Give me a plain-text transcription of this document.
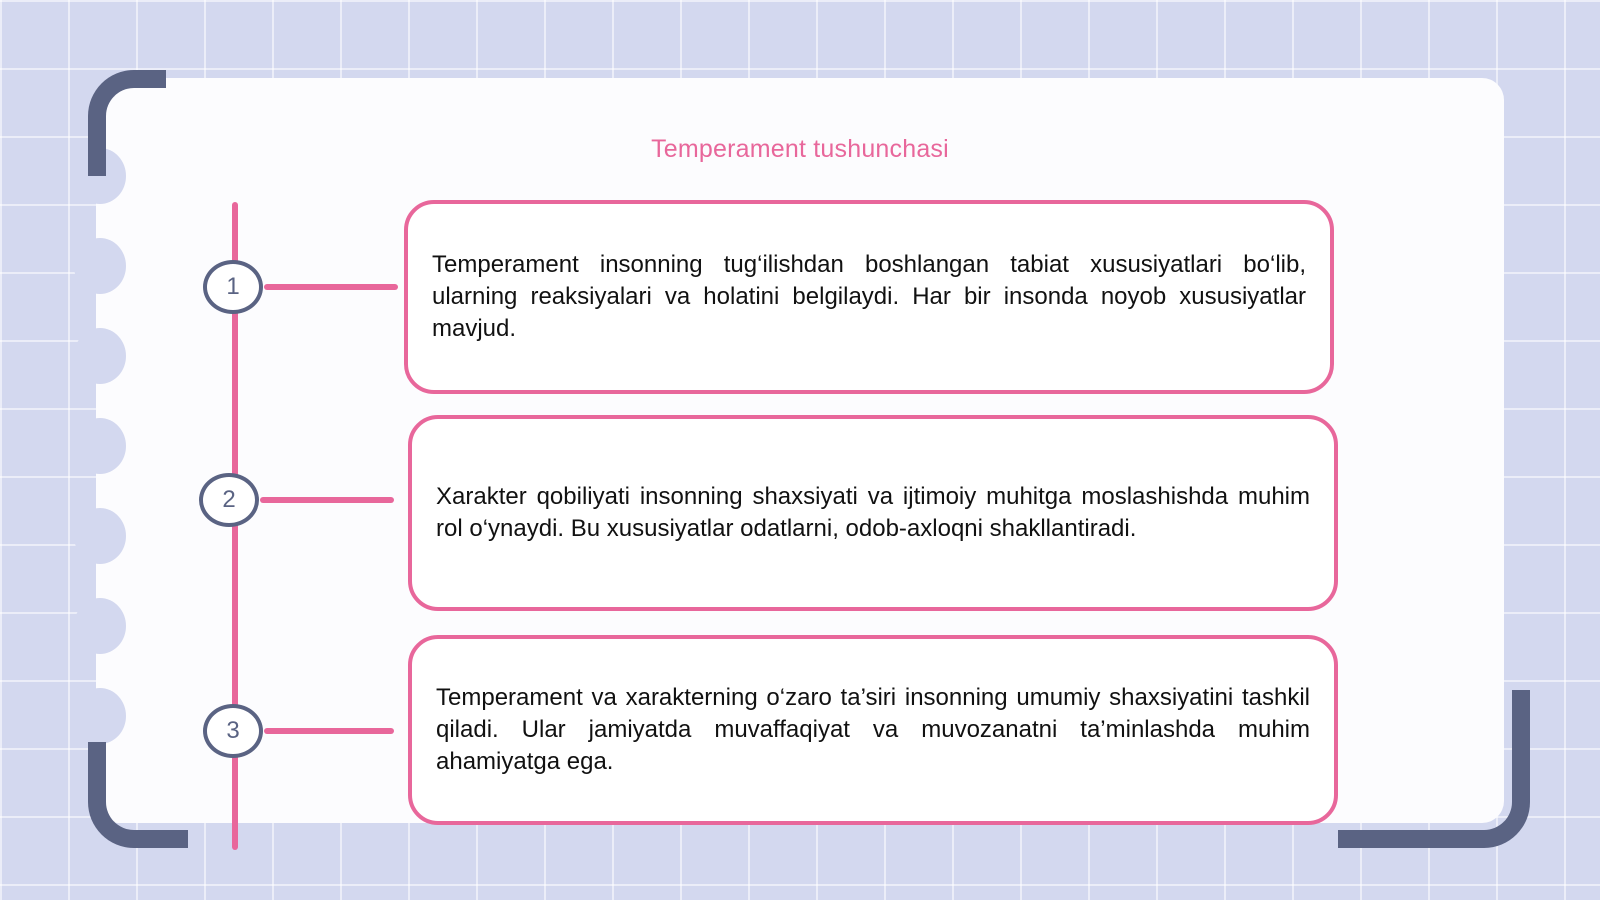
Temperament tushunchasi
1
2
3

Temperament insonning tug‘ilishdan boshlangan tabiat xususiyatlari bo‘lib, ularning reaksiyalari va holatini belgilaydi. Har bir insonda noyob xususiyatlar mavjud.

Xarakter qobiliyati insonning shaxsiyati va ijtimoiy muhitga moslashishda muhim rol o‘ynaydi. Bu xususiyatlar odatlarni, odob-axloqni shakllantiradi.

Temperament va xarakterning o‘zaro ta’siri insonning umumiy shaxsiyatini tashkil qiladi. Ular jamiyatda muvaffaqiyat va muvozanatni ta’minlashda muhim ahamiyatga ega.
